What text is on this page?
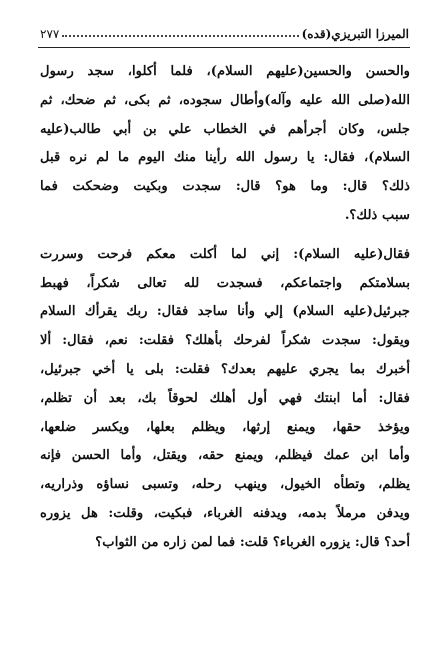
٢٧٧	الميرزا التبريزي(قده)
والحسن والحسين(عليهم السلام)، فلما أكلوا، سجد رسول
الله(صلى الله عليه وآله)وأطال سجوده، ثم بكى، ثم ضحك، ثم
جلس، وكان أجرأهم في الخطاب علي بن أبي طالب(عليه
السلام)، فقال: يا رسول الله رأينا منك اليوم ما لم نره قبل
ذلك؟ قال: وما هو؟ قال: سجدت وبكيت وضحكت فما
سبب ذلك؟.
فقال(عليه السلام): إني لما أكلت معكم فرحت وسررت
بسلامتكم واجتماعكم، فسجدت لله تعالى شكراً، فهبط
جبرئيل(عليه السلام) إلي وأنا ساجد فقال: ربك يقرأك السلام
ويقول: سجدت شكراً لفرحك بأهلك؟ فقلت: نعم، فقال: ألا
أخبرك بما يجري عليهم بعدك؟ فقلت: بلى يا أخي جبرئيل،
فقال: أما ابنتك فهي أول أهلك لحوقاً بك، بعد أن تظلم،
ويؤخذ حقها، ويمنع إرثها، ويظلم بعلها، ويكسر ضلعها،
وأما ابن عمك فيظلم، ويمنع حقه، ويقتل، وأما الحسن فإنه
يظلم، وتطأه الخيول، وينهب رحله، وتسبى نساؤه وذراريه،
ويدفن مرملاً بدمه، ويدفنه الغرباء، فبكيت، وقلت: هل يزوره
أحد؟ قال: يزوره الغرباء؟ قلت: فما لمن زاره من الثواب؟
